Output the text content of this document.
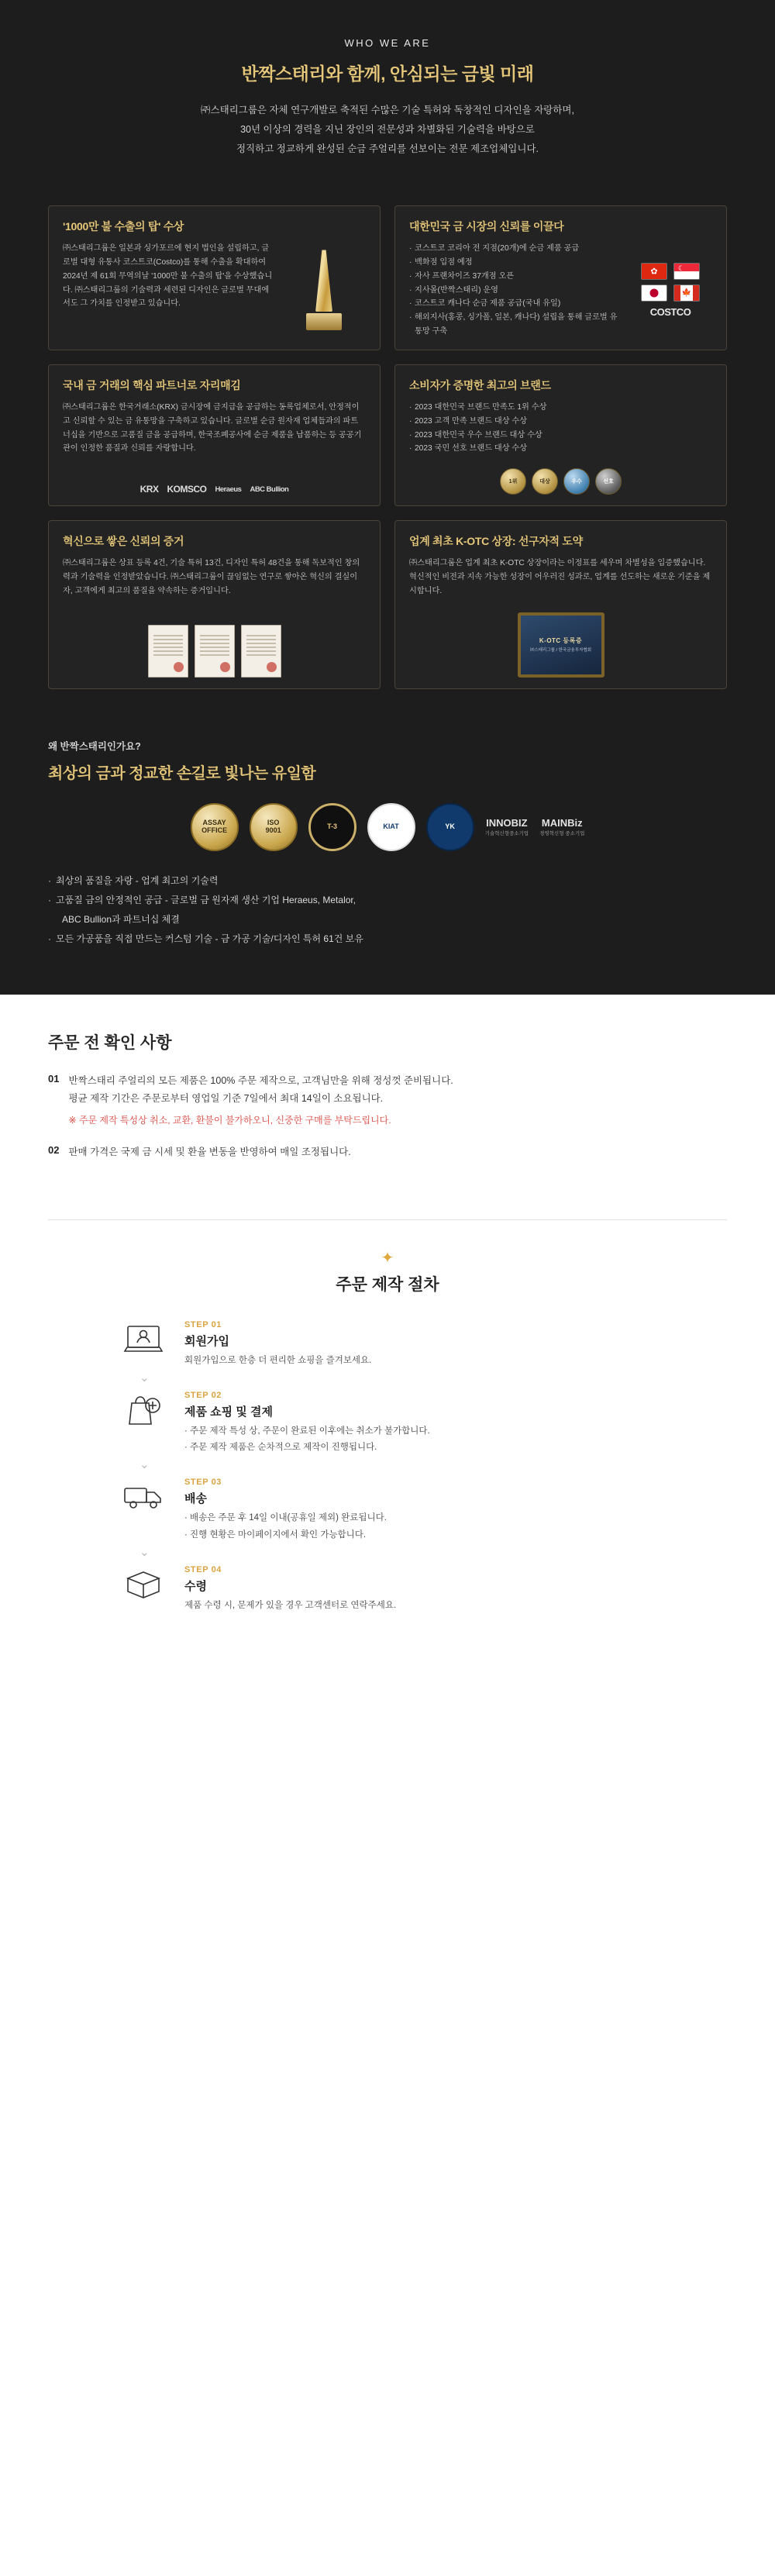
WHO WE ARE
반짝스태리와 함께, 안심되는 금빛 미래
㈜스태리그룹은 자체 연구개발로 축적된 수많은 기술 특허와 독창적인 디자인을 자랑하며,
30년 이상의 경력을 지닌 장인의 전문성과 차별화된 기술력을 바탕으로
정직하고 정교하게 완성된 순금 주얼리를 선보이는 전문 제조업체입니다.
'1000만 불 수출의 탑' 수상
㈜스태리그룹은 일본과 싱가포르에 현지 법인을 설립하고, 글로벌 대형 유통사 코스트코(Costco)를 통해 수출을 확대하여 2024년 제 61회 무역의날 '1000만 불 수출의 탑'을 수상했습니다. ㈜스태리그룹의 기술력과 세련된 디자인은 글로벌 무대에서도 그 가치를 인정받고 있습니다.
대한민국 금 시장의 신뢰를 이끌다
· 코스트코 코리아 전 지점(20개)에 순금 제품 공급
· 백화점 입점 예정
· 자사 프랜차이즈 37개점 오픈
· 지사몰(반짝스태리) 운영
· 코스트코 캐나다 순금 제품 공급(국내 유일)
· 해외지사(홍콩, 싱가폴, 일본, 캐나다) 설립을 통해 글로벌 유통망 구축
✿
☾
🍁
COSTCO
국내 금 거래의 핵심 파트너로 자리매김
㈜스태리그룹은 한국거래소(KRX) 금시장에 금지급을 공급하는 동록업체로서, 안정적이고 신뢰할 수 있는 금 유통망을 구축하고 있습니다. 글로벌 순금 원자재 업체들과의 파트너십을 기반으로 고품질 금을 공급하며, 한국조폐공사에 순금 제품을 납품하는 등 공공기관이 인정한 품질과 신뢰를 자랑합니다.
KRX KOMSCO Heraeus ABC Bullion
소비자가 증명한 최고의 브랜드
· 2023 대한민국 브랜드 만족도 1위 수상
· 2023 고객 만족 브랜드 대상 수상
· 2023 대한민국 우수 브랜드 대상 수상
· 2023 국민 선호 브랜드 대상 수상
1위	대상	우수	선호
혁신으로 쌓은 신뢰의 증거
㈜스태리그룹은 상표 등록 4건, 기술 특허 13건, 디자인 특허 48건을 통해 독보적인 창의력과 기술력을 인정받았습니다. ㈜스태리그룹이 끊임없는 연구로 쌓아온 혁신의 결실이자, 고객에게 최고의 품질을 약속하는 증거입니다.
업계 최초 K-OTC 상장: 선구자적 도약
㈜스태리그룹은 업계 최초 K-OTC 상장이라는 이정표를 세우며 차별성을 입증했습니다. 혁신적인 비전과 지속 가능한 성장이 어우러진 성과로, 업계를 선도하는 새로운 기준을 제시합니다.
K-OTC 등록증
㈜스태리그룹 / 한국금융투자협회
왜 반짝스태리인가요?
최상의 금과 정교한 손길로 빛나는 유일함
ASSAY
OFFICE
ISO
9001	T-3	KIAT	YK	INNOBIZ
기술혁신형중소기업
MAINBiz
경영혁신형 중소기업
· 최상의 품질을 자랑 - 업계 최고의 기술력
· 고품질 금의 안정적인 공급 - 글로벌 금 원자재 생산 기업 Heraeus, Metalor,
ABC Bullion과 파트너십 체결
· 모든 가공품을 직접 만드는 커스텀 기술 - 금 가공 기술/디자인 특허 61건 보유
주문 전 확인 사항
01 반짝스태리 주얼리의 모든 제품은 100% 주문 제작으로, 고객님만을 위해 정성껏 준비됩니다.
평균 제작 기간은 주문로부터 영업일 기준 7일에서 최대 14일이 소요됩니다.
※ 주문 제작 특성상 취소, 교환, 환불이 불가하오니, 신중한 구매를 부탁드립니다.
02 판매 가격은 국제 금 시세 및 환율 변동을 반영하여 매일 조정됩니다.
✦
주문 제작 절차
STEP 01
회원가입
회원가입으로 한층 더 편리한 쇼핑을 즐겨보세요.
⌄
STEP 02
제품 쇼핑 및 결제
· 주문 제작 특성 상, 주문이 완료된 이후에는 취소가 불가합니다.
· 주문 제작 제품은 순차적으로 제작이 진행됩니다.
⌄
STEP 03
배송
· 배송은 주문 후 14일 이내(공휴일 제외) 완료됩니다.
· 진행 현황은 마이페이지에서 확인 가능합니다.
⌄
STEP 04
수령
제품 수령 시, 문제가 있을 경우 고객센터로 연락주세요.
